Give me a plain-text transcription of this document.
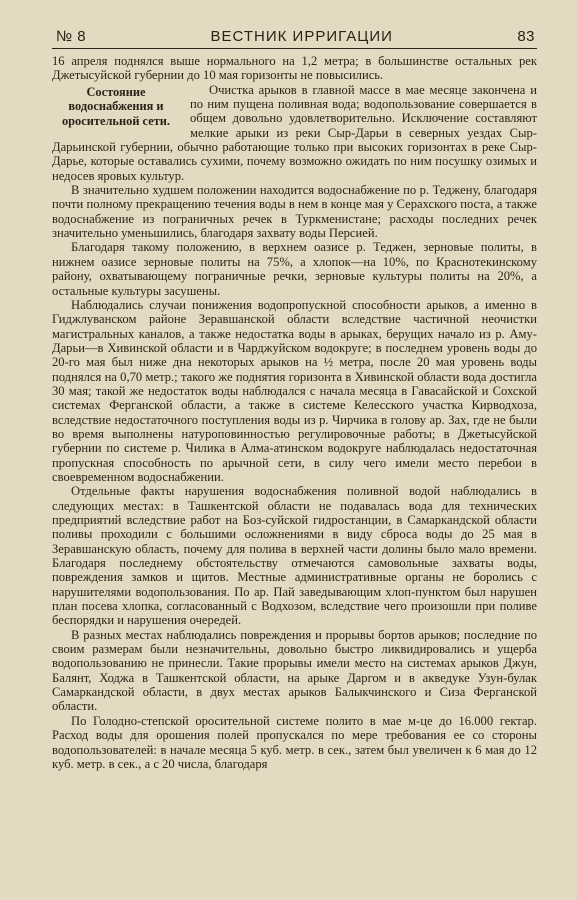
№ 8	ВЕСТНИК ИРРИГАЦИИ	83

16 апреля поднялся выше нормального на 1,2 метра; в большинстве остальных рек Джетысуйской губернии до 10 мая горизонты не повысились.

Состояние водоснабжения и оросительной сети.

Очистка арыков в главной массе в мае месяце закончена и по ним пущена поливная вода; водопользование совершается в общем довольно удовлетворительно. Исключение составляют мелкие арыки из реки Сыр-Дарьи в северных уездах Сыр-Дарьинской губернии, обычно работающие только при высоких горизонтах в реке Сыр-Дарье, которые оставались сухими, почему возможно ожидать по ним посушку озимых и недосев яровых культур.

В значительно худшем положении находится водоснабжение по р. Теджену, благодаря почти полному прекращению течения воды в нем в конце мая у Серахского поста, а также водоснабжение из пограничных речек в Туркменистане; расходы последних речек значительно уменьшились, благодаря захвату воды Персией.

Благодаря такому положению, в верхнем оазисе р. Теджен, зерновые политы, в нижнем оазисе зерновые политы на 75%, а хлопок—на 10%, по Краснотекинскому району, охватывающему пограничные речки, зерновые культуры политы на 20%, а остальные культуры засушены.

Наблюдались случаи понижения водопропускной способности арыков, а именно в Гиджлуванском районе Зеравшанской области вследствие частичной неочистки магистральных каналов, а также недостатка воды в арыках, берущих начало из р. Аму-Дарьи—в Хивинской области и в Чарджуйском водокруге; в последнем уровень воды до 20-го мая был ниже дна некоторых арыков на ½ метра, после 20 мая уровень воды поднялся на 0,70 метр.; такого же поднятия горизонта в Хивинской области вода достигла 30 мая; такой же недостаток воды наблюдался с начала месяца в Гавасайской и Сохской системах Ферганской области, а также в системе Келесского участка Кирводхоза, вследствие недостаточного поступления воды из р. Чирчика в голову ар. Зах, где не были во время выполнены натуроповинностью регулировочные работы; в Джетысуйской губернии по системе р. Чилика в Алма-атинском водокруге наблюдалась недостаточная пропускная способность по арычной сети, в силу чего имели место перебои в своевременном водоснабжении.

Отдельные факты нарушения водоснабжения поливной водой наблюдались в следующих местах: в Ташкентской области не подавалась вода для технических предприятий вследствие работ на Боз-суйской гидростанции, в Самаркандской области поливы проходили с большими осложнениями в виду сброса воды до 25 мая в Зеравшанскую область, почему для полива в верхней части долины было мало времени. Благодаря последнему обстоятельству отмечаются самовольные захваты воды, повреждения замков и щитов. Местные административные органы не боролись с нарушителями водопользования. По ар. Пай заведывающим хлоп-пунктом был нарушен план посева хлопка, согласованный с Водхозом, вследствие чего произошли при поливе беспорядки и нарушения очередей.

В разных местах наблюдались повреждения и прорывы бортов арыков; последние по своим размерам были незначительны, довольно быстро ликвидировались и ущерба водопользованию не принесли. Такие прорывы имели место на системах арыков Джун, Балянт, Ходжа в Ташкентской области, на арыке Даргом и в акведуке Узун-булак Самаркандской области, в двух местах арыков Балыкчинского и Сиза Ферганской области.

По Голодно-степской оросительной системе полито в мае м-це до 16.000 гектар. Расход воды для орошения полей пропускался по мере требования ее со стороны водопользователей: в начале месяца 5 куб. метр. в сек., затем был увеличен к 6 мая до 12 куб. метр. в сек., а с 20 числа, благодаря
